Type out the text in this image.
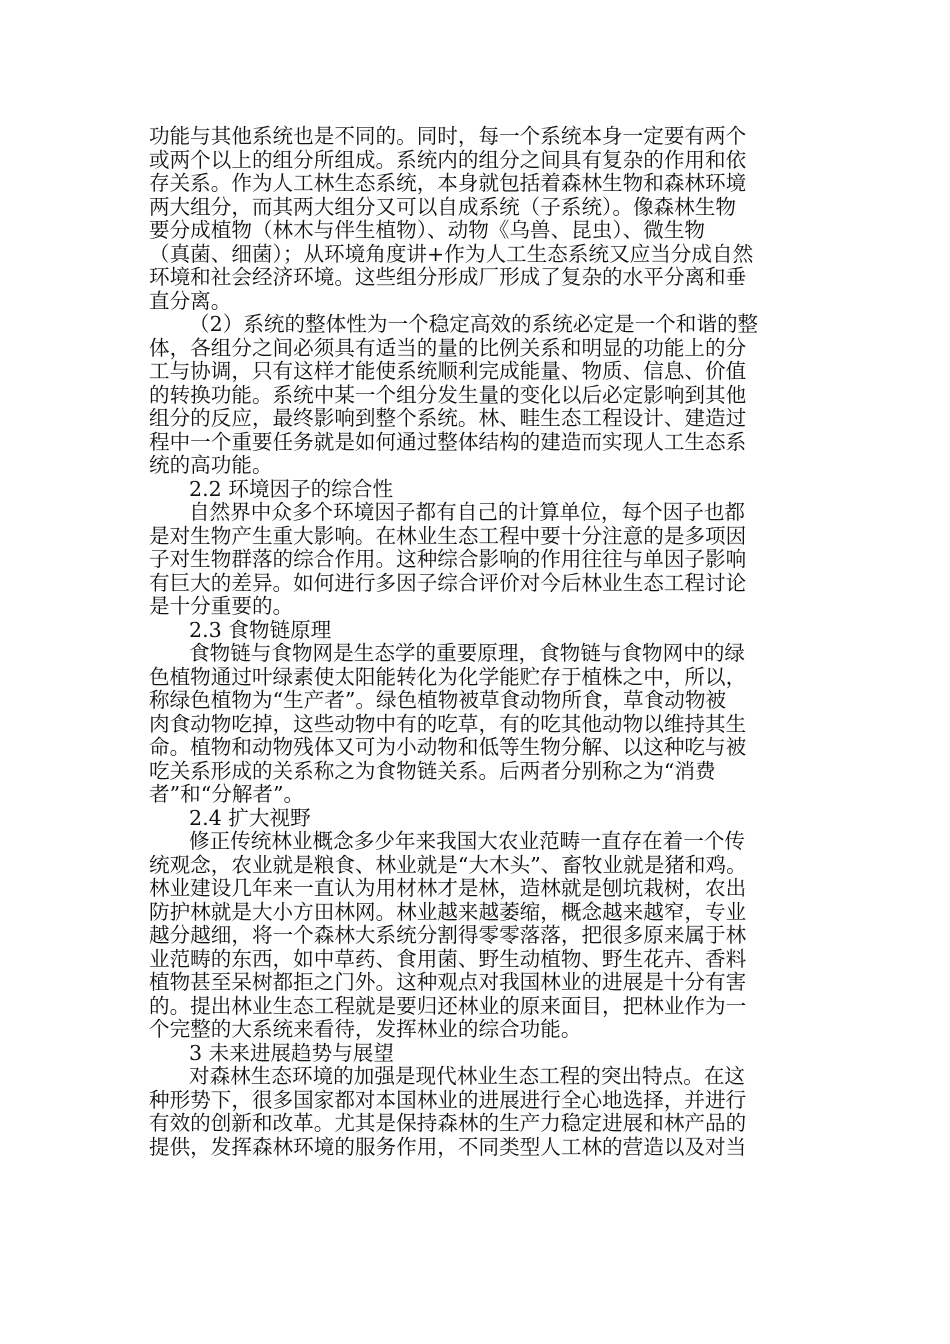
功能与其他系统也是不同的。同时，每一个系统本身一定要有两个
或两个以上的组分所组成。系统内的组分之间具有复杂的作用和依
存关系。作为人工林生态系统，本身就包括着森林生物和森林环境
两大组分，而其两大组分又可以自成系统（子系统）。像森林生物
要分成植物（林木与伴生植物）、动物《乌兽、昆虫）、微生物
（真菌、细菌）；从环境角度讲+作为人工生态系统又应当分成自然
环境和社会经济环境。这些组分形成厂形成了复杂的水平分离和垂
直分离。
（2）系统的整体性为一个稳定高效的系统必定是一个和谐的整
体，各组分之间必须具有适当的量的比例关系和明显的功能上的分
工与协调，只有这样才能使系统顺利完成能量、物质、信息、价值
的转换功能。系统中某一个组分发生量的变化以后必定影响到其他
组分的反应，最终影响到整个系统。林、畦生态工程设计、建造过
程中一个重要任务就是如何通过整体结构的建造而实现人工生态系
统的高功能。
2.2 环境因子的综合性
自然界中众多个环境因子都有自己的计算单位，每个因子也都
是对生物产生重大影响。在林业生态工程中要十分注意的是多项因
子对生物群落的综合作用。这种综合影响的作用往往与单因子影响
有巨大的差异。如何进行多因子综合评价对今后林业生态工程讨论
是十分重要的。
2.3 食物链原理
食物链与食物网是生态学的重要原理，食物链与食物网中的绿
色植物通过叶绿素使太阳能转化为化学能贮存于植株之中，所以，
称绿色植物为“生产者”。绿色植物被草食动物所食，草食动物被
肉食动物吃掉，这些动物中有的吃草，有的吃其他动物以维持其生
命。植物和动物残体又可为小动物和低等生物分解、以这种吃与被
吃关系形成的关系称之为食物链关系。后两者分别称之为“消费
者”和“分解者”。
2.4 扩大视野
修正传统林业概念多少年来我国大农业范畴一直存在着一个传
统观念，农业就是粮食、林业就是“大木头”、畜牧业就是猪和鸡。
林业建设几年来一直认为用材林才是林，造林就是刨坑栽树，农出
防护林就是大小方田林网。林业越来越萎缩，概念越来越窄，专业
越分越细，将一个森林大系统分割得零零落落，把很多原来属于林
业范畴的东西，如中草药、食用菌、野生动植物、野生花卉、香料
植物甚至呆树都拒之门外。这种观点对我国林业的进展是十分有害
的。提出林业生态工程就是要归还林业的原来面目，把林业作为一
个完整的大系统来看待，发挥林业的综合功能。
3 未来进展趋势与展望
对森林生态环境的加强是现代林业生态工程的突出特点。在这
种形势下，很多国家都对本国林业的进展进行全心地选择，并进行
有效的创新和改革。尤其是保持森林的生产力稳定进展和林产品的
提供，发挥森林环境的服务作用，不同类型人工林的营造以及对当
